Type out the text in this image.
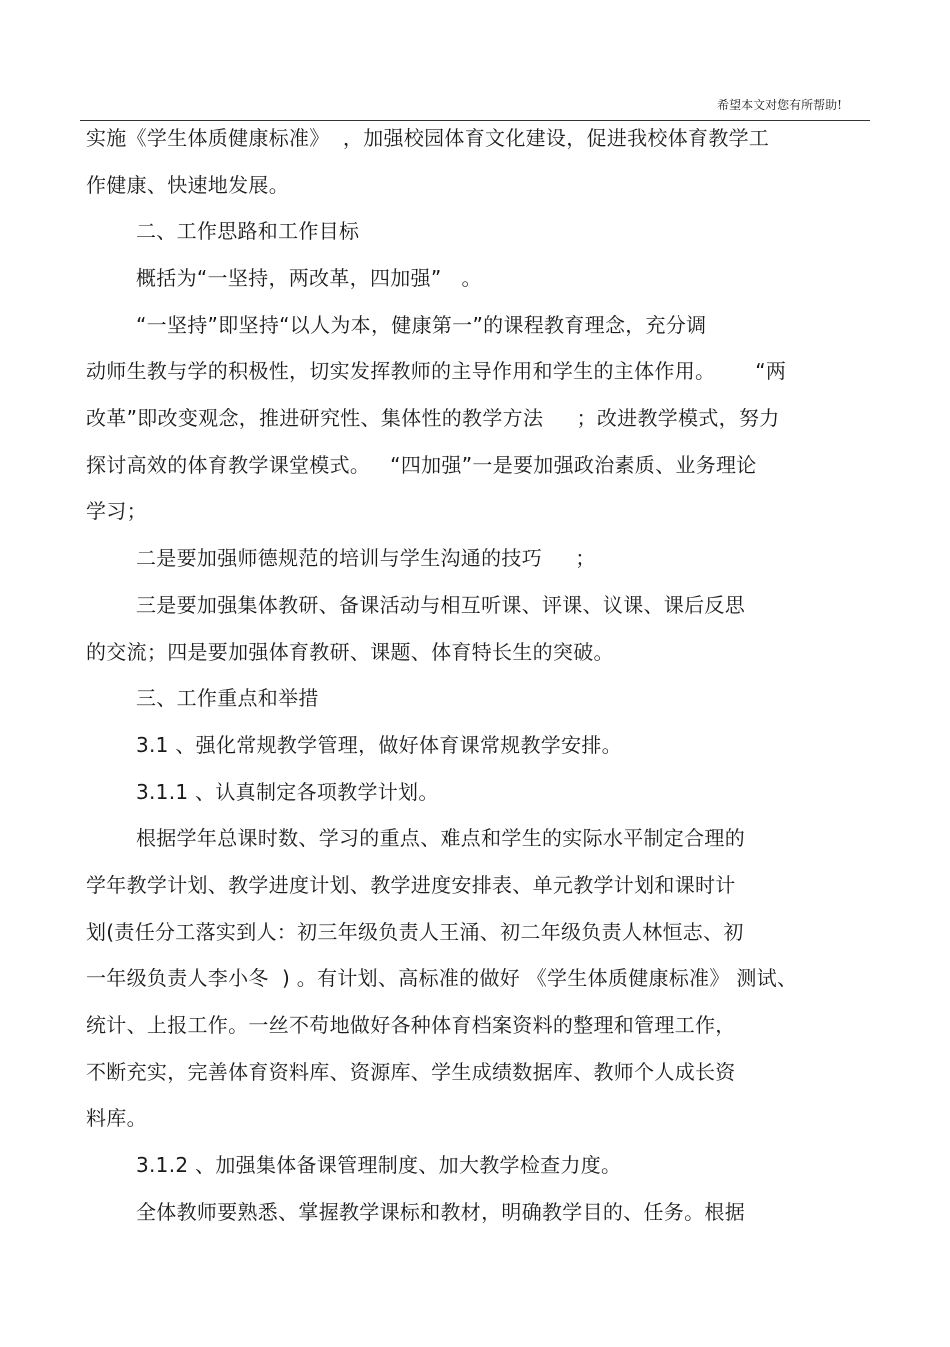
希望本文对您有所帮助!
实施《学生体质健康标准》  ，加强校园体育文化建设，促进我校体育教学工
作健康、快速地发展。
二、工作思路和工作目标
概括为“一坚持，两改革，四加强”   。
“一坚持”即坚持“以人为本，健康第一”的课程教育理念，充分调
动师生教与学的积极性，切实发挥教师的主导作用和学生的主体作用。      “两
改革”即改变观念，推进研究性、集体性的教学方法     ；改进教学模式，努力
探讨高效的体育教学课堂模式。   “四加强”一是要加强政治素质、业务理论
学习；
二是要加强师德规范的培训与学生沟通的技巧     ；
三是要加强集体教研、备课活动与相互听课、评课、议课、课后反思
的交流；四是要加强体育教研、课题、体育特长生的突破。
三、工作重点和举措
3.1 、强化常规教学管理，做好体育课常规教学安排。
3.1.1 、认真制定各项教学计划。
根据学年总课时数、学习的重点、难点和学生的实际水平制定合理的
学年教学计划、教学进度计划、教学进度安排表、单元教学计划和课时计
划(责任分工落实到人：初三年级负责人王涌、初二年级负责人林恒志、初
一年级负责人李小冬  ) 。有计划、高标准的做好 《学生体质健康标准》 测试、
统计、上报工作。一丝不苟地做好各种体育档案资料的整理和管理工作，
不断充实，完善体育资料库、资源库、学生成绩数据库、教师个人成长资
料库。
3.1.2 、加强集体备课管理制度、加大教学检查力度。
全体教师要熟悉、掌握教学课标和教材，明确教学目的、任务。根据
